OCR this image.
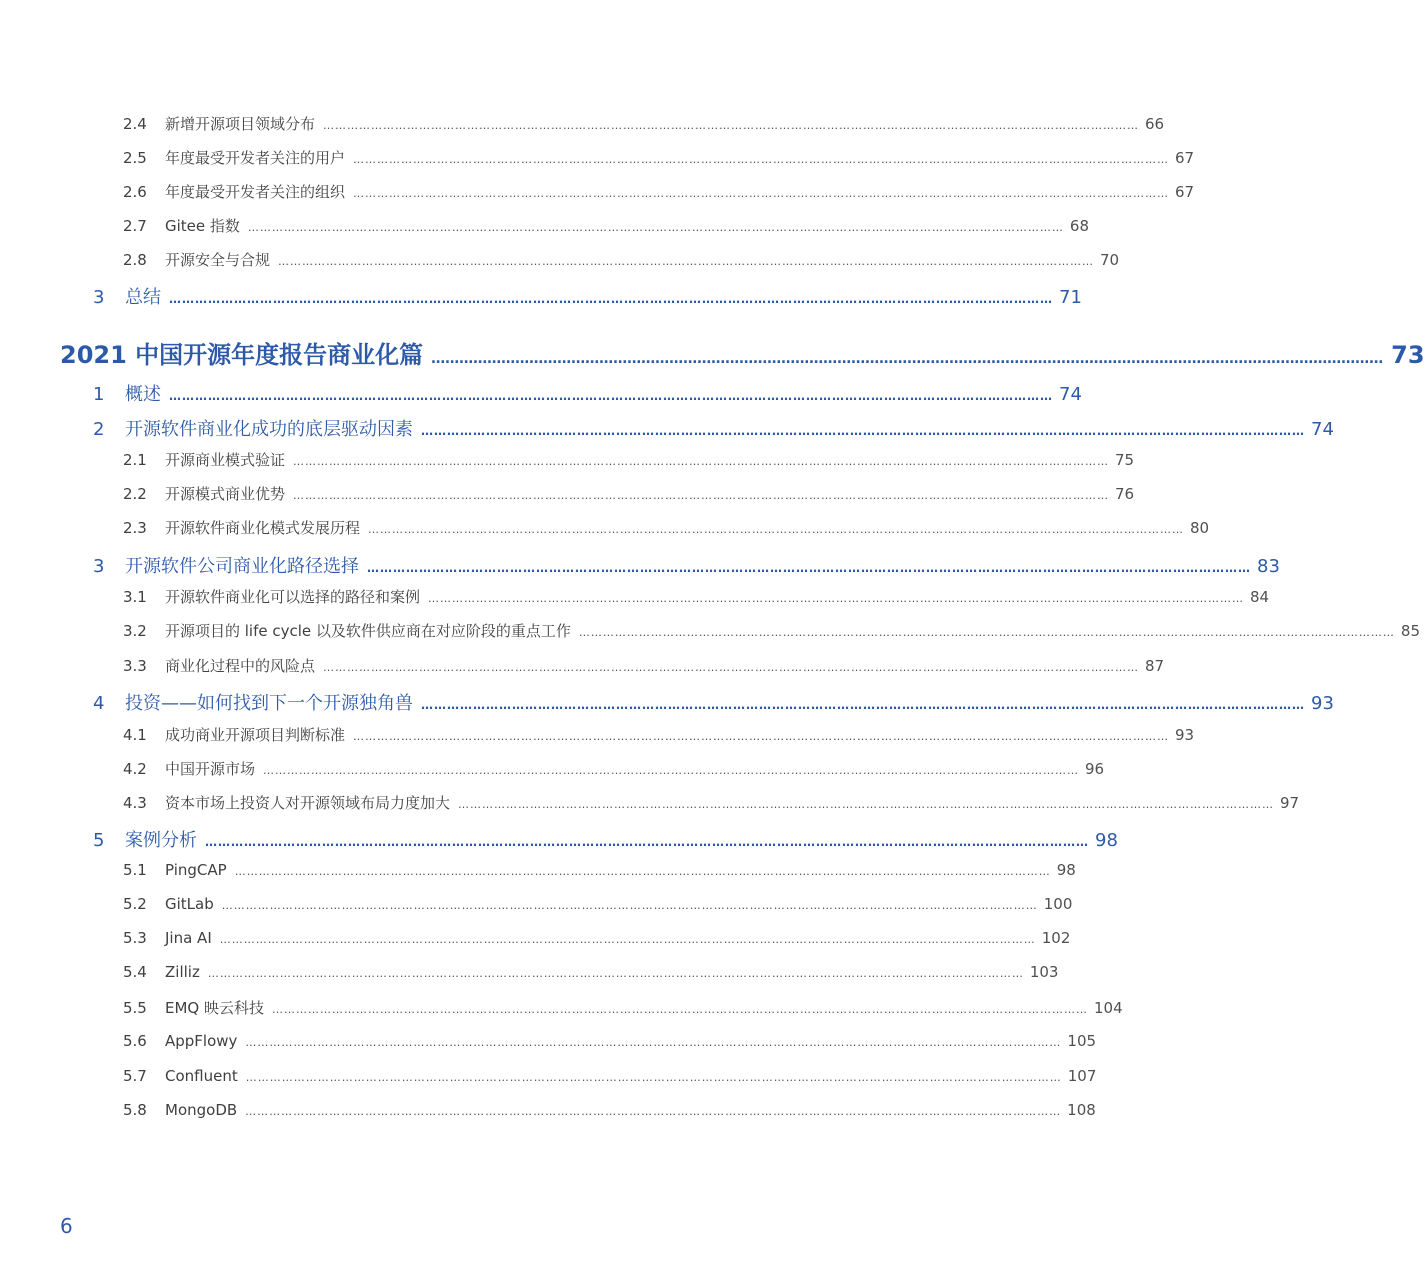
2.4	新增开源项目领域分布 …………………………………………………………………………………………………………………………………………………………………………………… 66
2.5	年度最受开发者关注的用户 …………………………………………………………………………………………………………………………………………………………………………………… 67
2.6	年度最受开发者关注的组织 …………………………………………………………………………………………………………………………………………………………………………………… 67
2.7	Gitee 指数 …………………………………………………………………………………………………………………………………………………………………………………… 68
2.8	开源安全与合规 …………………………………………………………………………………………………………………………………………………………………………………… 70
3	总结 …………………………………………………………………………………………………………………………………………………………………………………… 71
2021 中国开源年度报告商业化篇 …………………………………………………………………………………………………………………………………………………………………………………… 73
1	概述 …………………………………………………………………………………………………………………………………………………………………………………… 74
2	开源软件商业化成功的底层驱动因素 …………………………………………………………………………………………………………………………………………………………………………………… 74
2.1	开源商业模式验证 …………………………………………………………………………………………………………………………………………………………………………………… 75
2.2	开源模式商业优势 …………………………………………………………………………………………………………………………………………………………………………………… 76
2.3	开源软件商业化模式发展历程 …………………………………………………………………………………………………………………………………………………………………………………… 80
3	开源软件公司商业化路径选择 …………………………………………………………………………………………………………………………………………………………………………………… 83
3.1	开源软件商业化可以选择的路径和案例 …………………………………………………………………………………………………………………………………………………………………………………… 84
3.2	开源项目的 life cycle 以及软件供应商在对应阶段的重点工作 …………………………………………………………………………………………………………………………………………………………………………………… 85
3.3	商业化过程中的风险点 …………………………………………………………………………………………………………………………………………………………………………………… 87
4	投资——如何找到下一个开源独角兽 …………………………………………………………………………………………………………………………………………………………………………………… 93
4.1	成功商业开源项目判断标准 …………………………………………………………………………………………………………………………………………………………………………………… 93
4.2	中国开源市场 …………………………………………………………………………………………………………………………………………………………………………………… 96
4.3	资本市场上投资人对开源领域布局力度加大 …………………………………………………………………………………………………………………………………………………………………………………… 97
5	案例分析 …………………………………………………………………………………………………………………………………………………………………………………… 98
5.1	PingCAP …………………………………………………………………………………………………………………………………………………………………………………… 98
5.2	GitLab …………………………………………………………………………………………………………………………………………………………………………………… 100
5.3	Jina AI …………………………………………………………………………………………………………………………………………………………………………………… 102
5.4	Zilliz …………………………………………………………………………………………………………………………………………………………………………………… 103
5.5	EMQ 映云科技 …………………………………………………………………………………………………………………………………………………………………………………… 104
5.6	AppFlowy …………………………………………………………………………………………………………………………………………………………………………………… 105
5.7	Confluent …………………………………………………………………………………………………………………………………………………………………………………… 107
5.8	MongoDB …………………………………………………………………………………………………………………………………………………………………………………… 108
6
